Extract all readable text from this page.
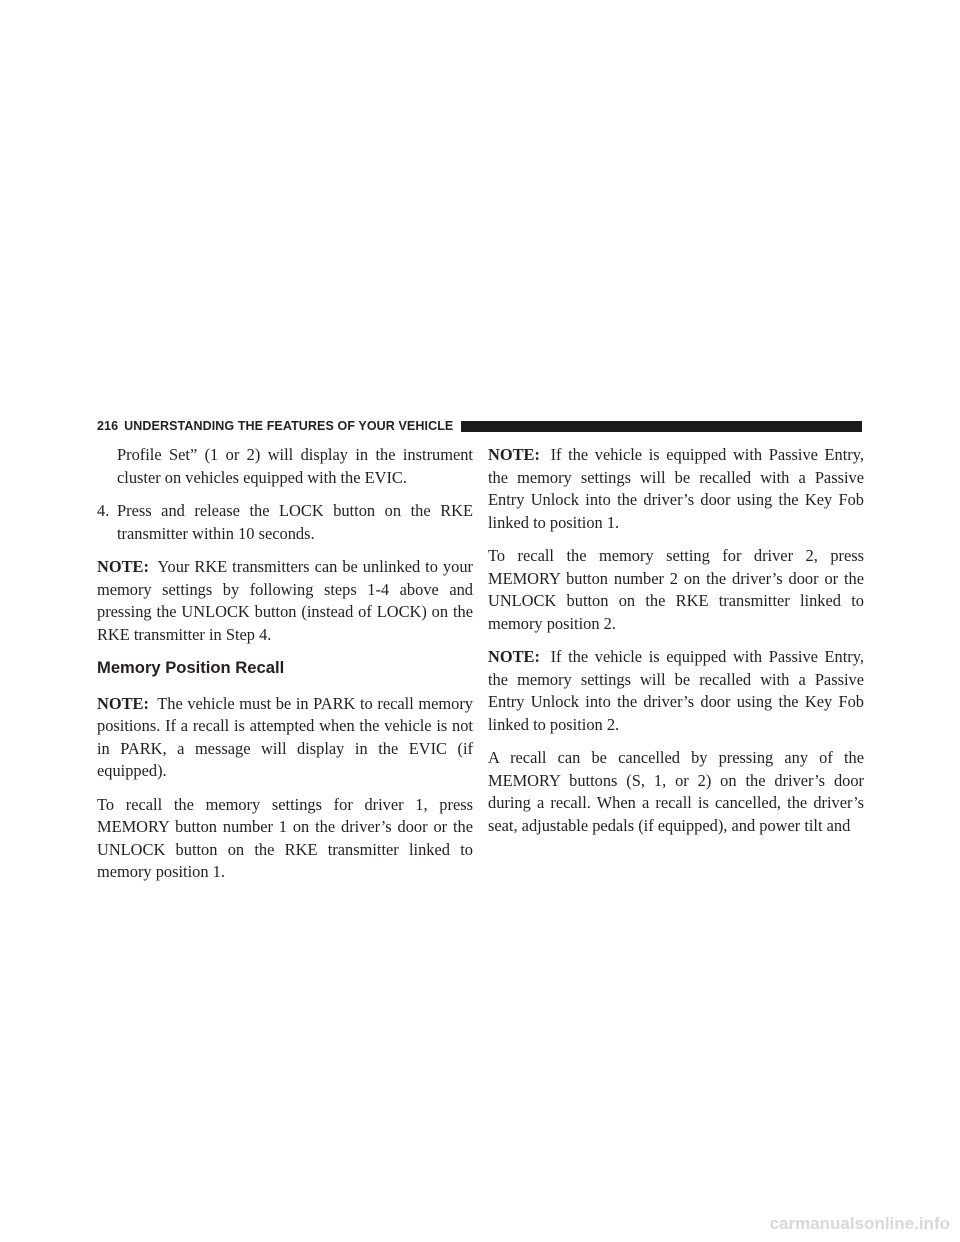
216 UNDERSTANDING THE FEATURES OF YOUR VEHICLE

Profile Set” (1 or 2) will display in the instrument cluster on vehicles equipped with the EVIC.

4. Press and release the LOCK button on the RKE transmitter within 10 seconds.

NOTE: Your RKE transmitters can be unlinked to your memory settings by following steps 1-4 above and pressing the UNLOCK button (instead of LOCK) on the RKE transmitter in Step 4.

Memory Position Recall

NOTE: The vehicle must be in PARK to recall memory positions. If a recall is attempted when the vehicle is not in PARK, a message will display in the EVIC (if equipped).

To recall the memory settings for driver 1, press MEMORY button number 1 on the driver’s door or the UNLOCK button on the RKE transmitter linked to memory position 1.

NOTE: If the vehicle is equipped with Passive Entry, the memory settings will be recalled with a Passive Entry Unlock into the driver’s door using the Key Fob linked to position 1.

To recall the memory setting for driver 2, press MEMORY button number 2 on the driver’s door or the UNLOCK button on the RKE transmitter linked to memory position 2.

NOTE: If the vehicle is equipped with Passive Entry, the memory settings will be recalled with a Passive Entry Unlock into the driver’s door using the Key Fob linked to position 2.

A recall can be cancelled by pressing any of the MEMORY buttons (S, 1, or 2) on the driver’s door during a recall. When a recall is cancelled, the driver’s seat, adjustable pedals (if equipped), and power tilt and

carmanualsonline.info
